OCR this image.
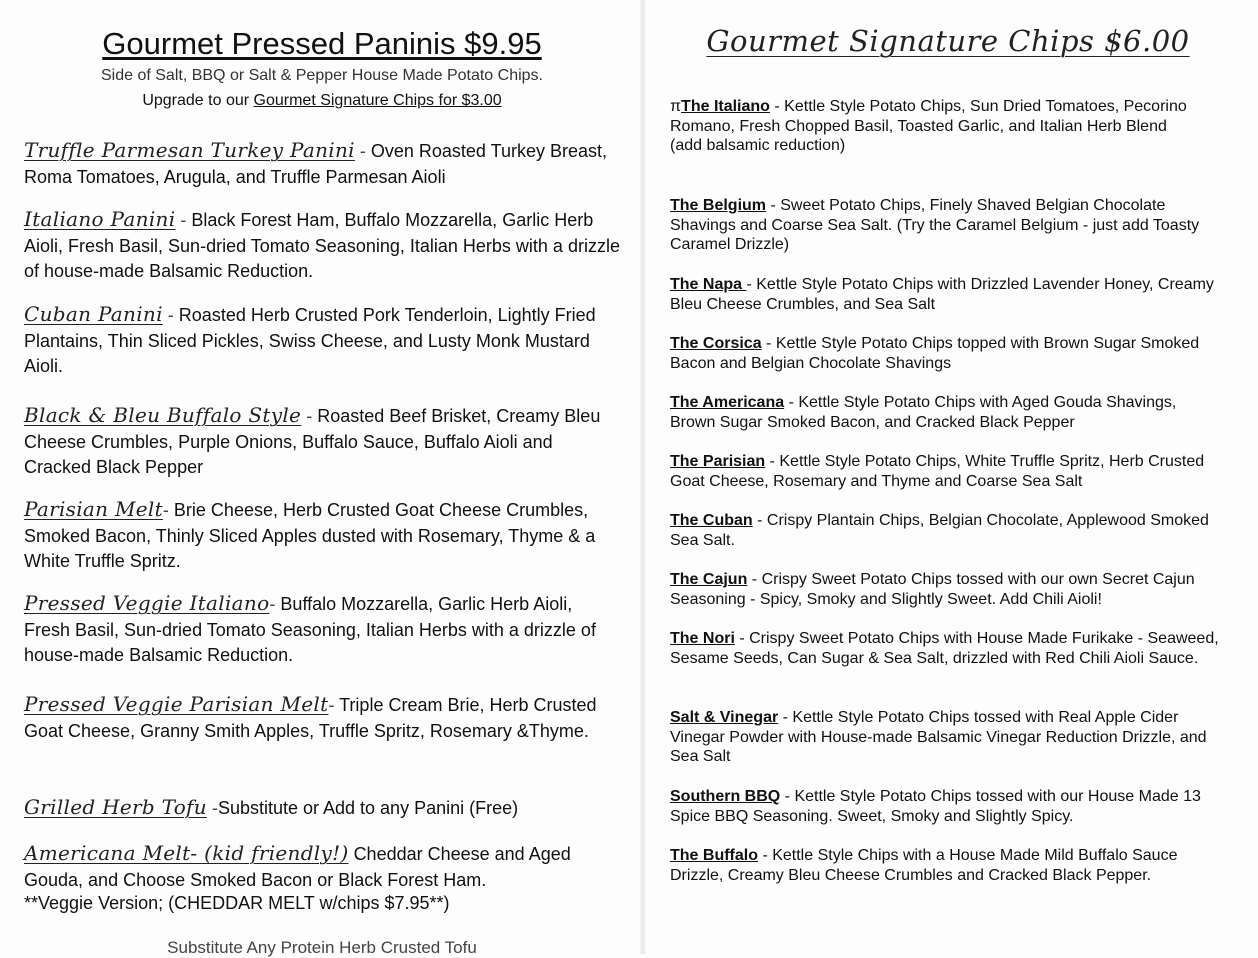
Gourmet Pressed Paninis $9.95
Side of Salt, BBQ or Salt & Pepper House Made Potato Chips.
Upgrade to our Gourmet Signature Chips for $3.00
Truffle Parmesan Turkey Panini - Oven Roasted Turkey Breast, Roma Tomatoes, Arugula, and Truffle Parmesan Aioli
Italiano Panini - Black Forest Ham, Buffalo Mozzarella, Garlic Herb Aioli, Fresh Basil, Sun-dried Tomato Seasoning, Italian Herbs with a drizzle of house-made Balsamic Reduction.
Cuban Panini - Roasted Herb Crusted Pork Tenderloin, Lightly Fried Plantains, Thin Sliced Pickles, Swiss Cheese, and Lusty Monk Mustard Aioli.
Black & Bleu Buffalo Style - Roasted Beef Brisket, Creamy Bleu Cheese Crumbles, Purple Onions, Buffalo Sauce, Buffalo Aioli and Cracked Black Pepper
Parisian Melt- Brie Cheese, Herb Crusted Goat Cheese Crumbles, Smoked Bacon, Thinly Sliced Apples dusted with Rosemary, Thyme & a White Truffle Spritz.
Pressed Veggie Italiano- Buffalo Mozzarella, Garlic Herb Aioli, Fresh Basil, Sun-dried Tomato Seasoning, Italian Herbs with a drizzle of house-made Balsamic Reduction.
Pressed Veggie Parisian Melt- Triple Cream Brie, Herb Crusted Goat Cheese, Granny Smith Apples, Truffle Spritz, Rosemary &Thyme.
Grilled Herb Tofu -Substitute or Add to any Panini (Free)
Americana Melt- (kid friendly!) Cheddar Cheese and Aged Gouda, and Choose Smoked Bacon or Black Forest Ham.
**Veggie Version; (CHEDDAR MELT w/chips $7.95**)
Substitute Any Protein Herb Crusted Tofu
Gourmet Signature Chips $6.00
πThe Italiano - Kettle Style Potato Chips, Sun Dried Tomatoes, Pecorino Romano, Fresh Chopped Basil, Toasted Garlic, and Italian Herb Blend
(add balsamic reduction)
The Belgium - Sweet Potato Chips, Finely Shaved Belgian Chocolate Shavings and Coarse Sea Salt. (Try the Caramel Belgium - just add Toasty Caramel Drizzle)
The Napa - Kettle Style Potato Chips with Drizzled Lavender Honey, Creamy Bleu Cheese Crumbles, and Sea Salt
The Corsica - Kettle Style Potato Chips topped with Brown Sugar Smoked Bacon and Belgian Chocolate Shavings
The Americana - Kettle Style Potato Chips with Aged Gouda Shavings, Brown Sugar Smoked Bacon, and Cracked Black Pepper
The Parisian - Kettle Style Potato Chips, White Truffle Spritz, Herb Crusted Goat Cheese, Rosemary and Thyme and Coarse Sea Salt
The Cuban - Crispy Plantain Chips, Belgian Chocolate, Applewood Smoked Sea Salt.
The Cajun - Crispy Sweet Potato Chips tossed with our own Secret Cajun Seasoning - Spicy, Smoky and Slightly Sweet. Add Chili Aioli!
The Nori - Crispy Sweet Potato Chips with House Made Furikake - Seaweed, Sesame Seeds, Can Sugar & Sea Salt, drizzled with Red Chili Aioli Sauce.
Salt & Vinegar - Kettle Style Potato Chips tossed with Real Apple Cider Vinegar Powder with House-made Balsamic Vinegar Reduction Drizzle, and Sea Salt
Southern BBQ - Kettle Style Potato Chips tossed with our House Made 13 Spice BBQ Seasoning. Sweet, Smoky and Slightly Spicy.
The Buffalo - Kettle Style Chips with a House Made Mild Buffalo Sauce Drizzle, Creamy Bleu Cheese Crumbles and Cracked Black Pepper.
